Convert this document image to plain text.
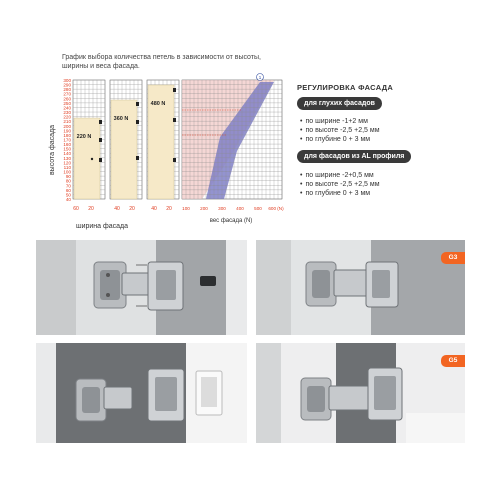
График выбора количества петель в зависимости от высоты, ширины и веса фасада.
высота фасада
40
50
60
70
80
90
100
110
120
130
140
150
160
170
180
190
200
210
220
230
240
250
260
270
280
290
300
220 N
360 N
480 N
60 20	40 20	40 20
ширина фасада
1
100 200 300 400 500 600 (N)
вес фасада (N)
РЕГУЛИРОВКА ФАСАДА
для глухих фасадов
• по ширине -1+2 мм
• по высоте -2,5 +2,5 мм
• по глубине 0 + 3 мм
для фасадов из AL профиля
• по ширине -2+0,5 мм
• по высоте -2,5 +2,5 мм
• по глубине 0 + 3 мм
G3
G5
